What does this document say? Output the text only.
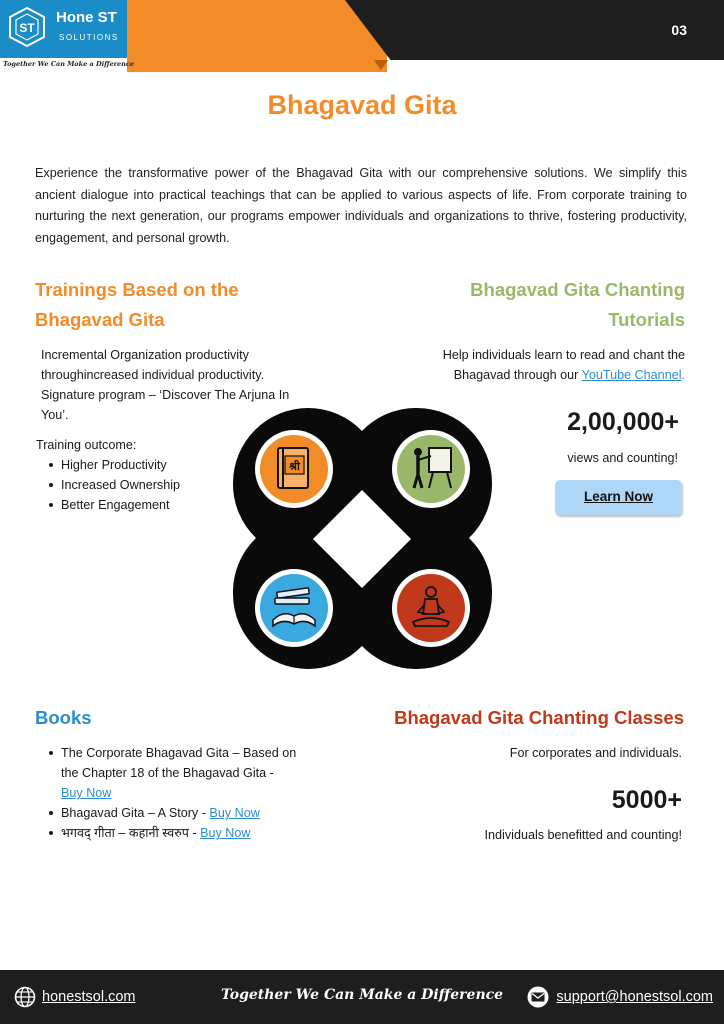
ST
Hone ST
SOLUTIONS
Together We Can Make a Difference
03
Bhagavad Gita

Experience the transformative power of the Bhagavad Gita with our comprehensive solutions. We simplify this ancient dialogue into practical teachings that can be applied to various aspects of life. From corporate training to nurturing the next generation, our programs empower individuals and organizations to thrive, fostering productivity, engagement, and personal growth.

Trainings Based on the
Bhagavad Gita
Incremental Organization productivity throughincreased individual productivity. Signature program – ‘Discover The Arjuna In You’.
Training outcome:
Higher Productivity
Increased Ownership
Better Engagement
Bhagavad Gita Chanting
Tutorials
Help individuals learn to read and chant the
Bhagavad through our YouTube Channel.
2,00,000+
views and counting!
Learn Now
श्री
Books
The Corporate Bhagavad Gita – Based on
the Chapter 18 of the Bhagavad Gita -
Buy Now
Bhagavad Gita – A Story - Buy Now
भगवद् गीता – कहानी स्वरुप - Buy Now
Bhagavad Gita Chanting Classes
For corporates and individuals.
5000+
Individuals benefitted and counting!
honestsol.com	Together We Can Make a Difference	support@honestsol.com
